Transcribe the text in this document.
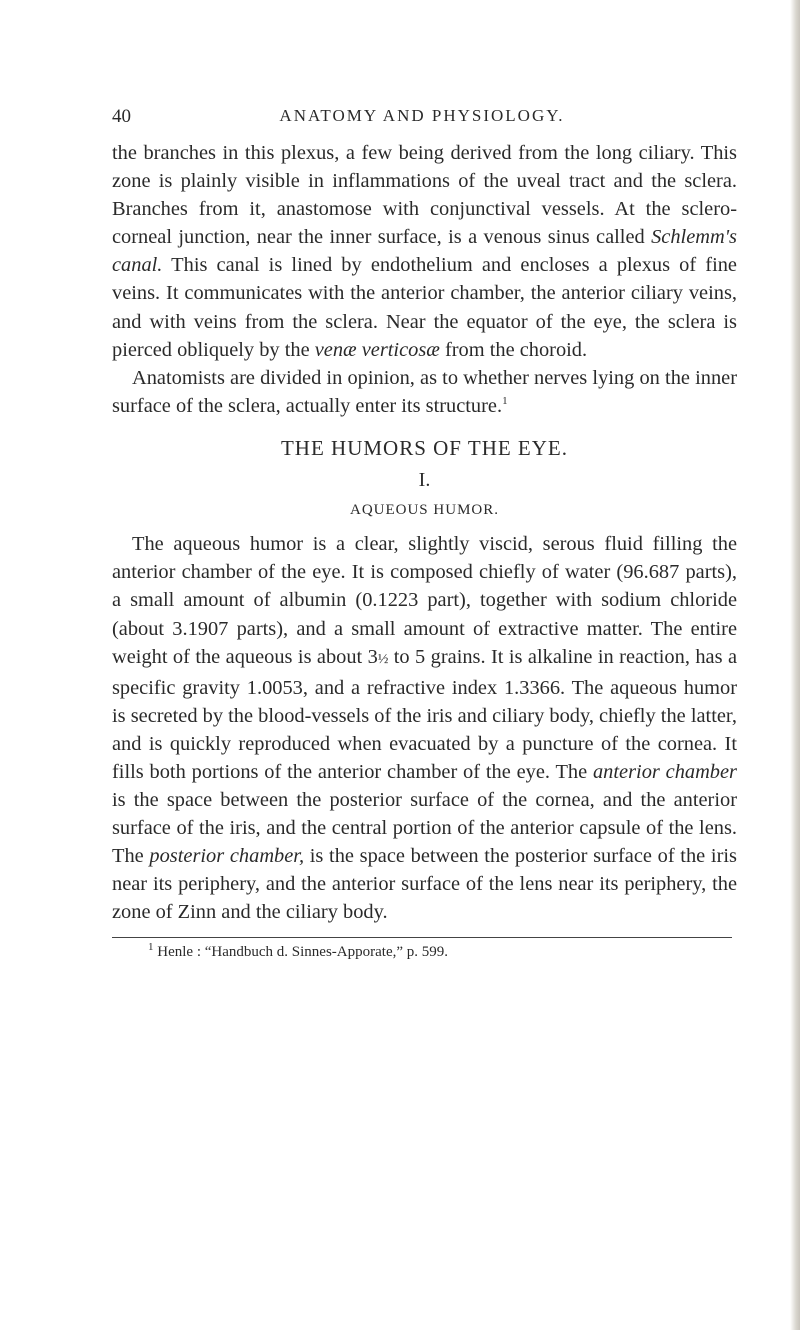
40	ANATOMY AND PHYSIOLOGY.

the branches in this plexus, a few being derived from the long ciliary. This zone is plainly visible in inflammations of the uveal tract and the sclera. Branches from it, anastomose with conjunctival vessels. At the sclero-corneal junction, near the inner surface, is a venous sinus called Schlemm's canal. This canal is lined by endothelium and encloses a plexus of fine veins. It communicates with the anterior chamber, the anterior ciliary veins, and with veins from the sclera. Near the equator of the eye, the sclera is pierced obliquely by the venæ verticosæ from the choroid.

Anatomists are divided in opinion, as to whether nerves lying on the inner surface of the sclera, actually enter its structure.$^1$

THE HUMORS OF THE EYE.
I.
AQUEOUS HUMOR.

The aqueous humor is a clear, slightly viscid, serous fluid filling the anterior chamber of the eye. It is composed chiefly of water (96.687 parts), a small amount of albumin (0.1223 part), together with sodium chloride (about 3.1907 parts), and a small amount of extractive matter. The entire weight of the aqueous is about 3½ to 5 grains. It is alkaline in reaction, has a specific gravity 1.0053, and a refractive index 1.3366. The aqueous humor is secreted by the blood-vessels of the iris and ciliary body, chiefly the latter, and is quickly reproduced when evacuated by a puncture of the cornea. It fills both portions of the anterior chamber of the eye. The anterior chamber is the space between the posterior surface of the cornea, and the anterior surface of the iris, and the central portion of the anterior capsule of the lens. The posterior chamber, is the space between the posterior surface of the iris near its periphery, and the anterior surface of the lens near its periphery, the zone of Zinn and the ciliary body.

$^1$ Henle : “Handbuch d. Sinnes-Apporate,” p. 599.
